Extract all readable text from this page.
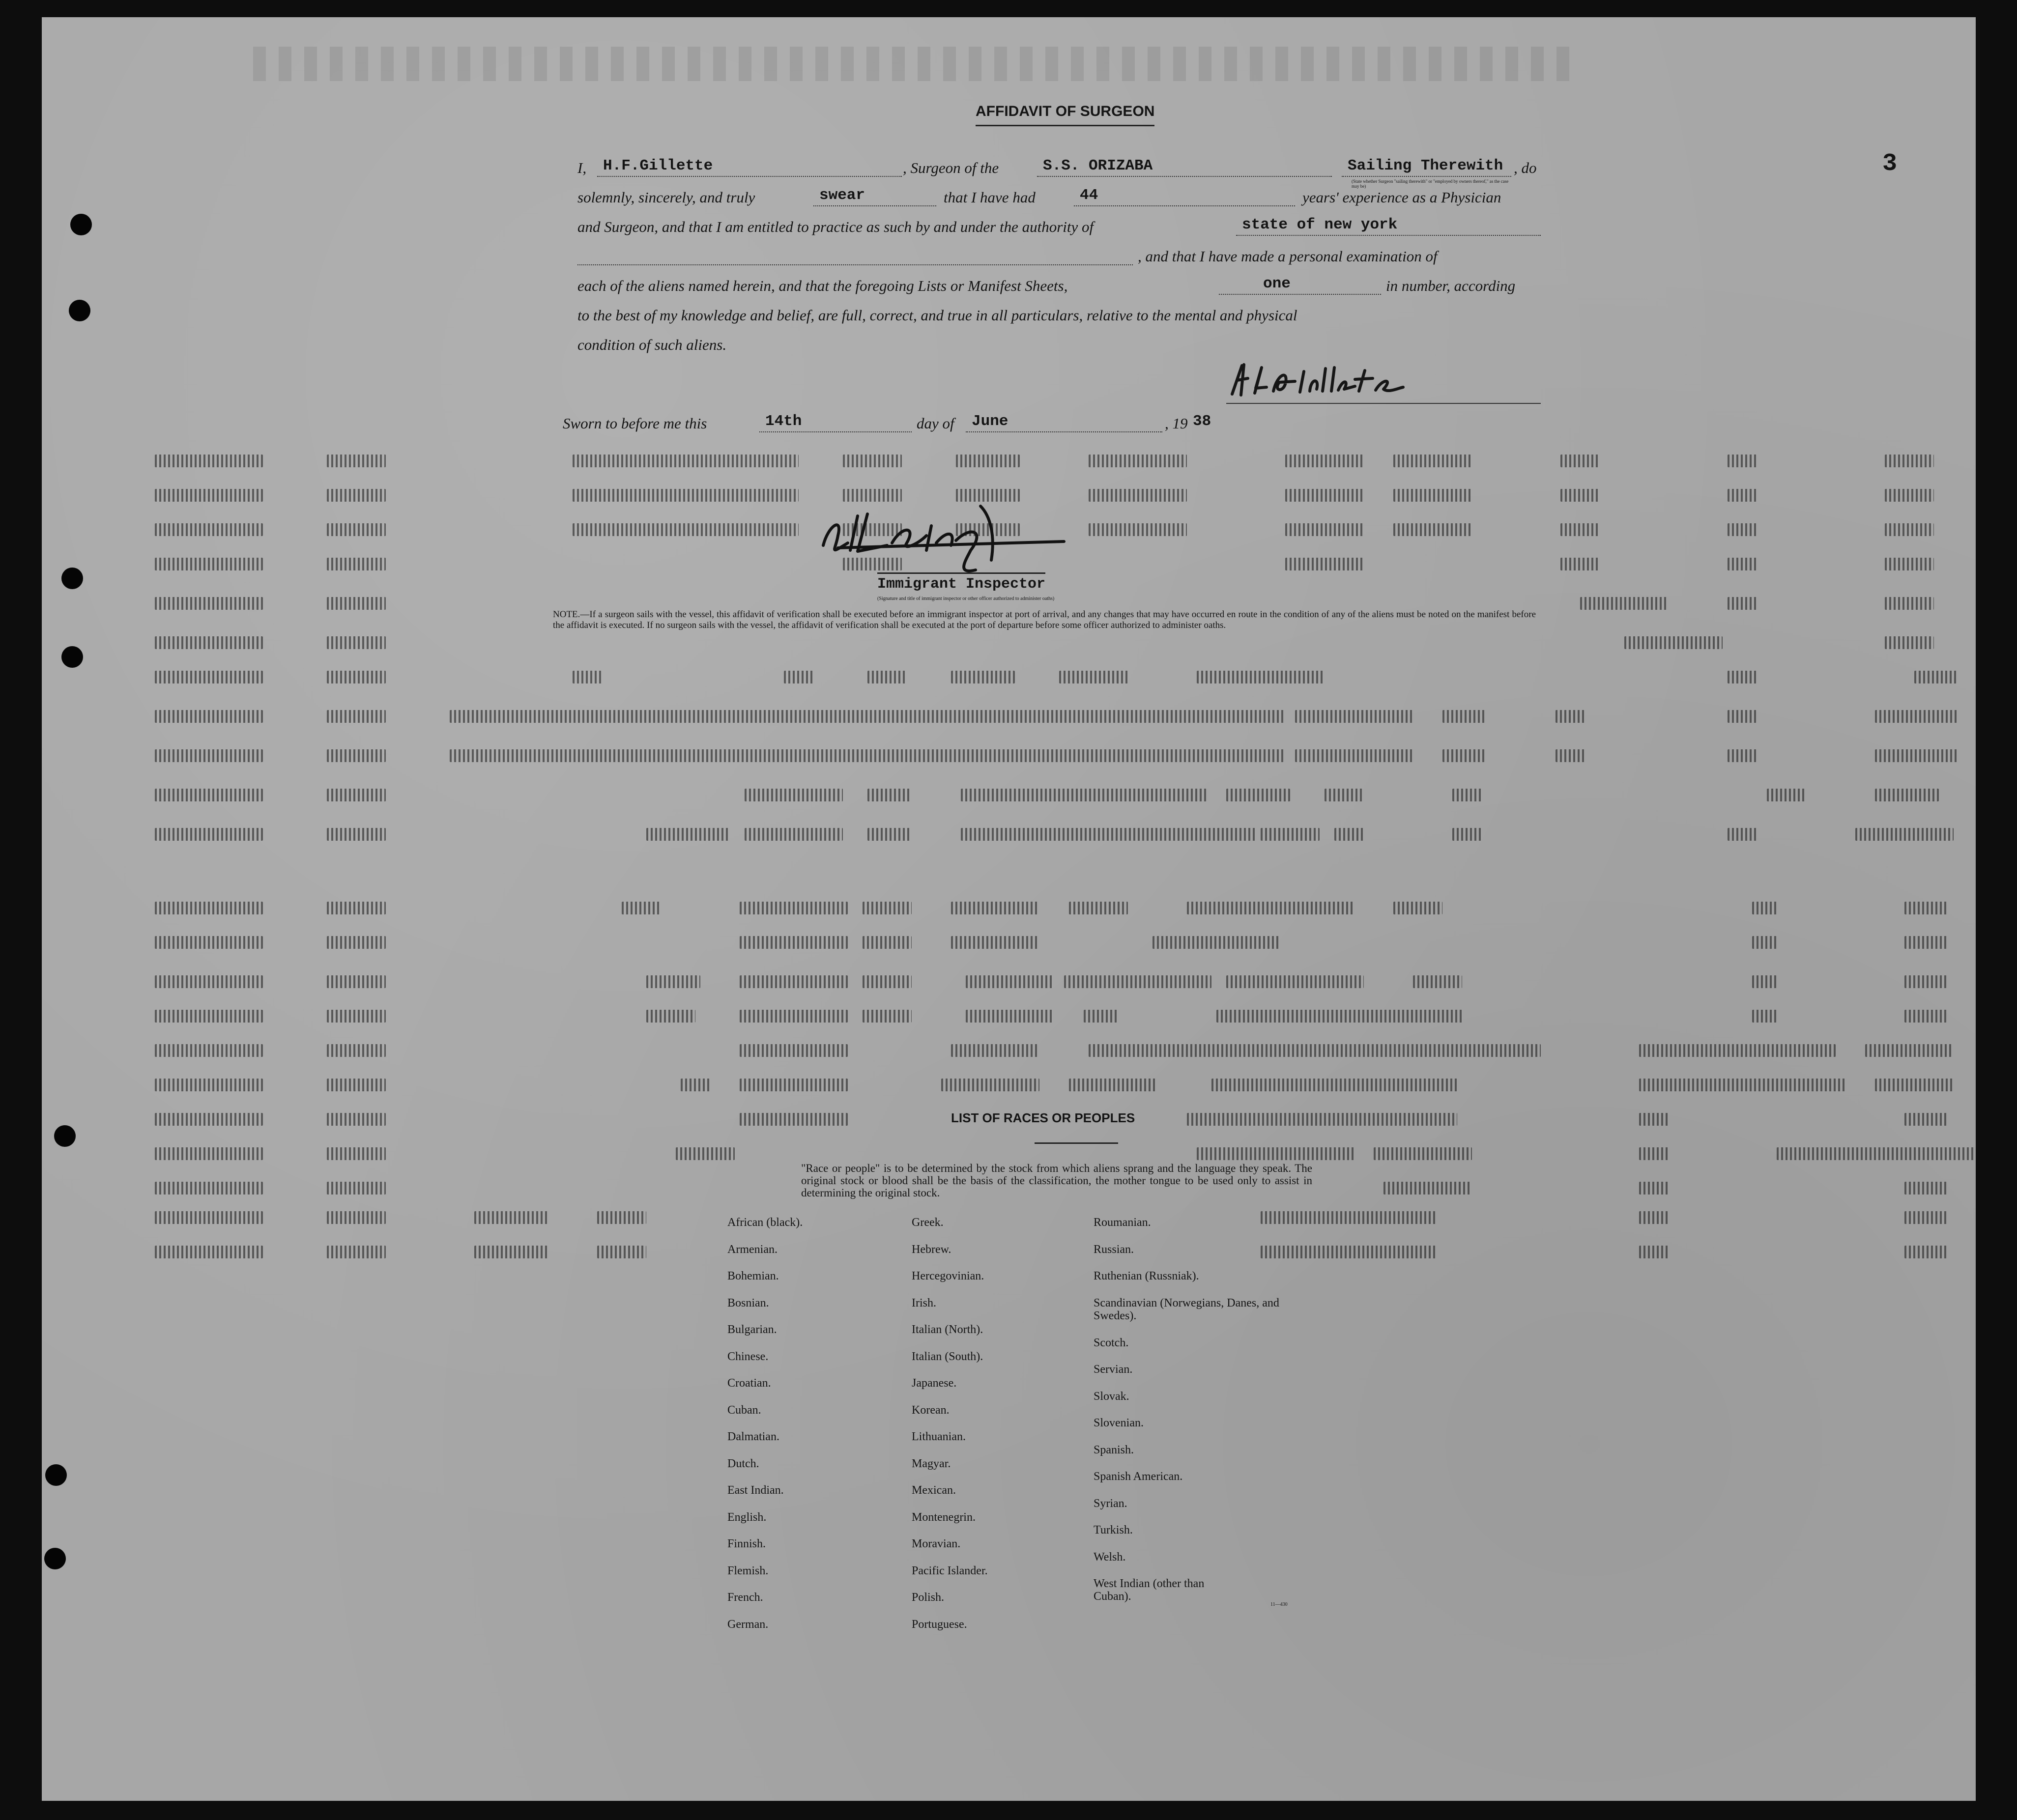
3
AFFIDAVIT OF SURGEON
I,	H.F.Gillette	, Surgeon of the	S.S. ORIZABA	Sailing Therewith
(State whether Surgeon "sailing therewith" or "employed by owners thereof," as the case may be)
, do
solemnly, sincerely, and truly	swear	that I have had	44	years' experience as a Physician
and Surgeon, and that I am entitled to practice as such by and under the authority of	state of new york
, and that I have made a personal examination of
each of the aliens named herein, and that the foregoing Lists or Manifest Sheets,	one	in number, according
to the best of my knowledge and belief, are full, correct, and true in all particulars, relative to the mental and physical
condition of such aliens.
Sworn to before me this	14th	day of	June	, 19 38
Immigrant Inspector
(Signature and title of immigrant inspector or other officer authorized to administer oaths)
NOTE.—If a surgeon sails with the vessel, this affidavit of verification shall be executed before an immigrant inspector at port of arrival, and any changes that may have occurred en route in the condition of any of the aliens must be noted on the manifest before the affidavit is executed. If no surgeon sails with the vessel, the affidavit of verification shall be executed at the port of departure before some officer authorized to administer oaths.
LIST OF RACES OR PEOPLES
"Race or people" is to be determined by the stock from which aliens sprang and the language they speak. The original stock or blood shall be the basis of the classification, the mother tongue to be used only to assist in determining the original stock.
African (black).
Armenian.
Bohemian.
Bosnian.
Bulgarian.
Chinese.
Croatian.
Cuban.
Dalmatian.
Dutch.
East Indian.
English.
Finnish.
Flemish.
French.
German.
Greek.
Hebrew.
Hercegovinian.
Irish.
Italian (North).
Italian (South).
Japanese.
Korean.
Lithuanian.
Magyar.
Mexican.
Montenegrin.
Moravian.
Pacific Islander.
Polish.
Portuguese.
Roumanian.
Russian.
Ruthenian (Russniak).
Scandinavian (Norwegians, Danes, and Swedes).
Scotch.
Servian.
Slovak.
Slovenian.
Spanish.
Spanish American.
Syrian.
Turkish.
Welsh.
West Indian (other than Cuban).
11—430
